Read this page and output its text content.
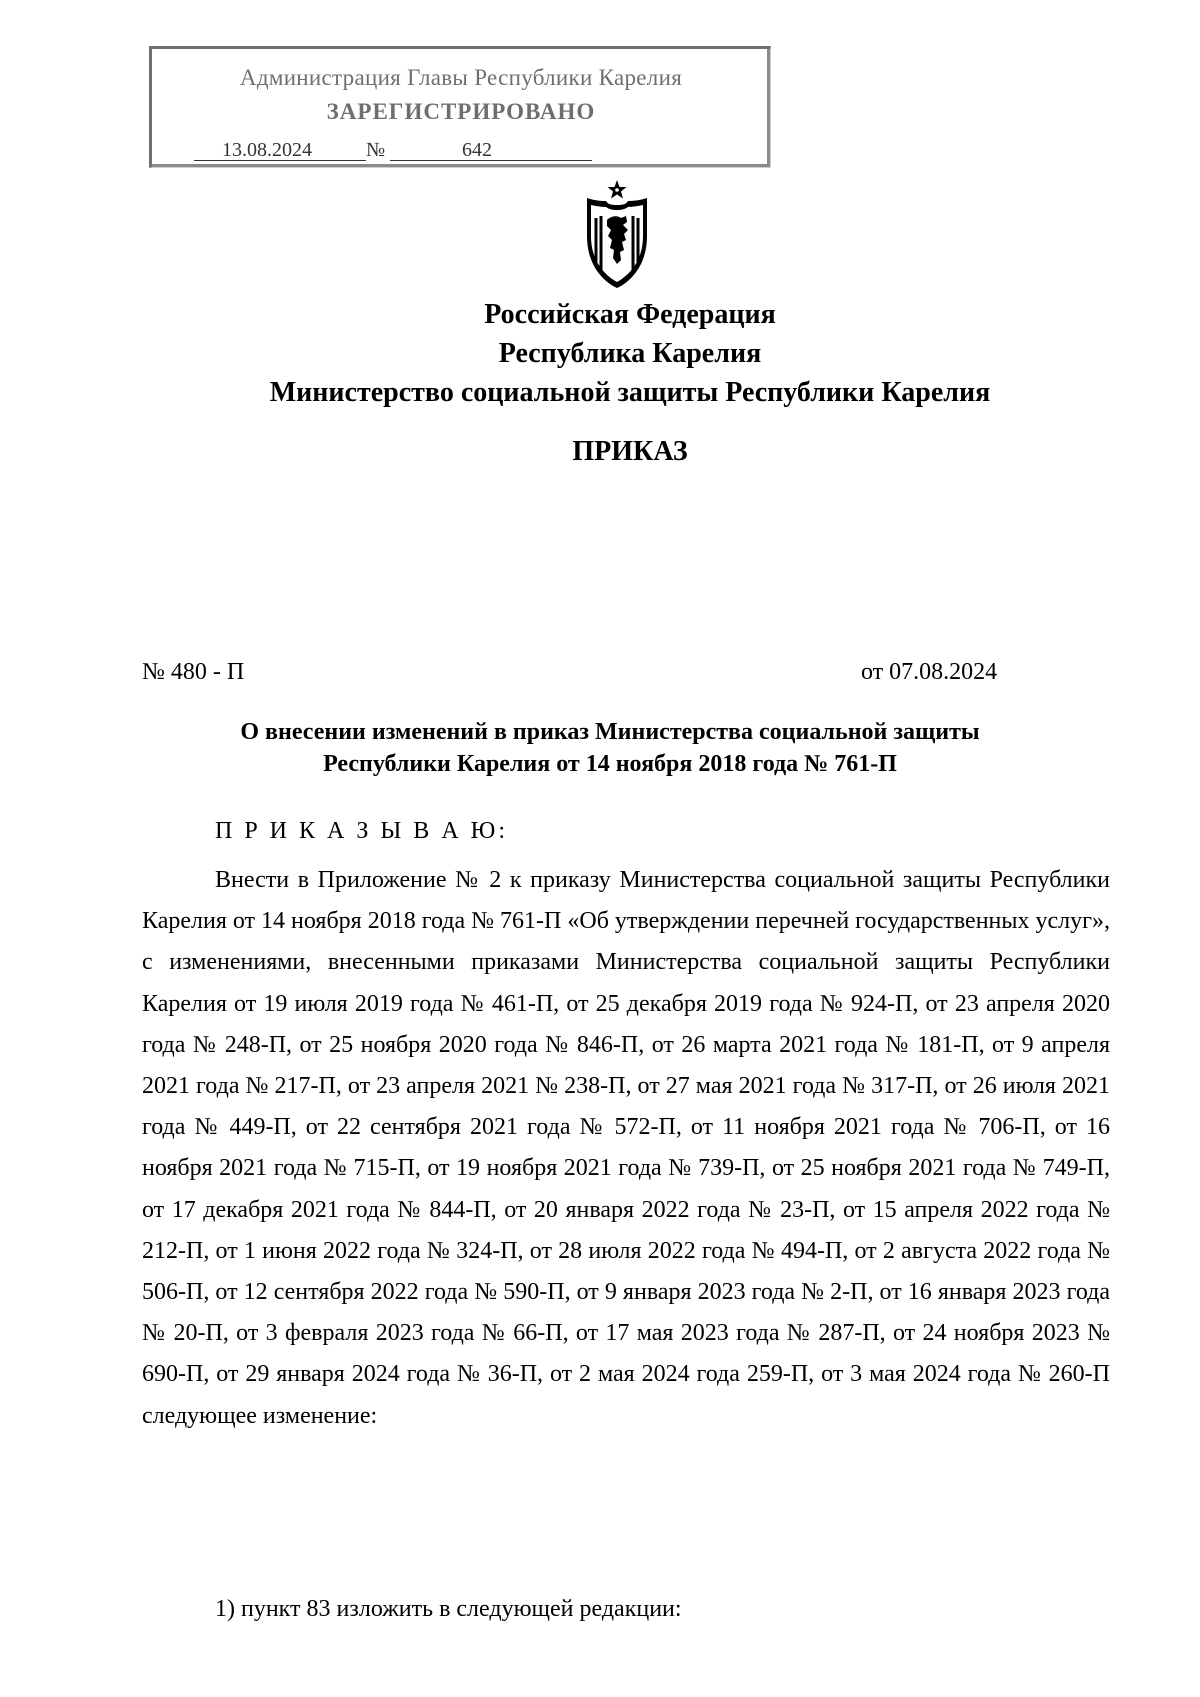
Администрация Главы Республики Карелия
ЗАРЕГИСТРИРОВАНО
13.08.2024	№	642
Российская Федерация
Республика Карелия
Министерство социальной защиты Республики Карелия
ПРИКАЗ
№ 480 - П	от 07.08.2024
О внесении изменений в приказ Министерства социальной защиты
Республики Карелия от 14 ноября 2018 года № 761-П
П Р И К А З Ы В А Ю:

Внести в Приложение № 2 к приказу Министерства социальной защиты Республики Карелия от 14 ноября 2018 года № 761-П «Об утверждении перечней государственных услуг», с изменениями, внесенными приказами Министерства социальной защиты Республики Карелия от 19 июля 2019 года № 461-П, от 25 декабря 2019 года № 924-П, от 23 апреля 2020 года № 248-П, от 25 ноября 2020 года № 846-П, от 26 марта 2021 года № 181-П, от 9 апреля 2021 года № 217-П, от 23 апреля 2021 № 238-П, от 27 мая 2021 года № 317-П, от 26 июля 2021 года № 449-П, от 22 сентября 2021 года № 572-П, от 11 ноября 2021 года № 706-П, от 16 ноября 2021 года № 715-П, от 19 ноября 2021 года № 739-П, от 25 ноября 2021 года № 749-П, от 17 декабря 2021 года № 844-П, от 20 января 2022 года № 23-П, от 15 апреля 2022 года № 212-П, от 1 июня 2022 года № 324-П, от 28 июля 2022 года № 494-П, от 2 августа 2022 года № 506-П, от 12 сентября 2022 года № 590-П, от 9 января 2023 года № 2-П, от 16 января 2023 года № 20-П, от 3 февраля 2023 года № 66-П, от 17 мая 2023 года № 287-П, от 24 ноября 2023 № 690-П, от 29 января 2024 года № 36-П, от 2 мая 2024 года 259-П, от 3 мая 2024 года № 260-П следующее изменение:

1) пункт 83 изложить в следующей редакции:
